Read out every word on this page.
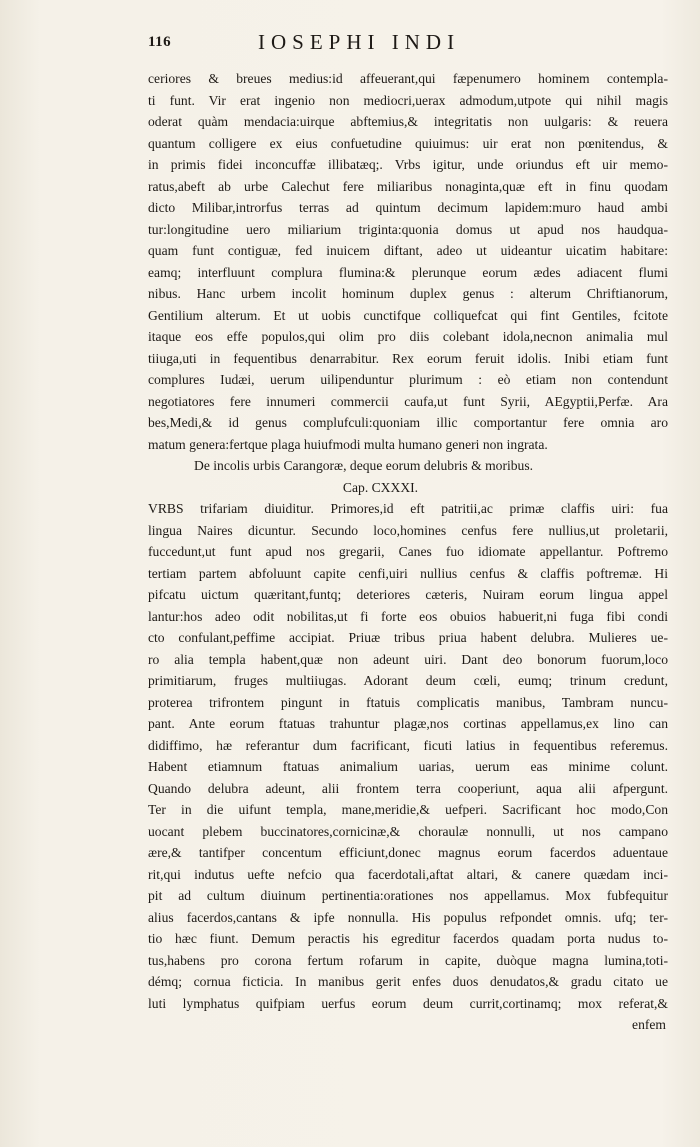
116	IOSEPHI INDI
ceriores & breues medius:id affeuerant,qui fæpenumero hominem contempla-
ti funt. Vir erat ingenio non mediocri,uerax admodum,utpote qui nihil magis
oderat quàm mendacia:uirque abftemius,& integritatis non uulgaris: & reuera
quantum colligere ex eius confuetudine quiuimus: uir erat non pœnitendus, &
in primis fidei inconcuffæ illibatæq;. Vrbs igitur, unde oriundus eft uir memo-
ratus,abeft ab urbe Calechut fere miliaribus nonaginta,quæ eft in finu quodam
dicto Milibar,introrfus terras ad quintum decimum lapidem:muro haud ambi
tur:longitudine uero miliarium triginta:quonia domus ut apud nos haudqua-
quam funt contiguæ, fed inuicem diftant, adeo ut uideantur uicatim habitare:
eamq; interfluunt complura flumina:& plerunque eorum ædes adiacent flumi
nibus. Hanc urbem incolit hominum duplex genus : alterum Chriftianorum,
Gentilium alterum. Et ut uobis cunctifque colliquefcat qui fint Gentiles, fcitote
itaque eos effe populos,qui olim pro diis colebant idola,necnon animalia mul
tiiuga,uti in fequentibus denarrabitur. Rex eorum feruit idolis. Inibi etiam funt
complures Iudæi, uerum uilipenduntur plurimum : eò etiam non contendunt
negotiatores fere innumeri commercii caufa,ut funt Syrii, AEgyptii,Perfæ. Ara
bes,Medi,& id genus complufculi:quoniam illic comportantur fere omnia aro
matum genera:fertque plaga huiufmodi multa humano generi non ingrata.
De incolis urbis Carangoræ, deque eorum delubris & moribus.
Cap. CXXXI.
VRBS trifariam diuiditur. Primores,id eft patritii,ac primæ claffis uiri: fua
lingua Naires dicuntur. Secundo loco,homines cenfus fere nullius,ut proletarii,
fuccedunt,ut funt apud nos gregarii, Canes fuo idiomate appellantur. Poftremo
tertiam partem abfoluunt capite cenfi,uiri nullius cenfus & claffis poftremæ. Hi
pifcatu uictum quæritant,funtq; deteriores cæteris, Nuiram eorum lingua appel
lantur:hos adeo odit nobilitas,ut fi forte eos obuios habuerit,ni fuga fibi condi
cto confulant,peffime accipiat. Priuæ tribus priua habent delubra. Mulieres ue-
ro alia templa habent,quæ non adeunt uiri. Dant deo bonorum fuorum,loco
primitiarum, fruges multiiugas. Adorant deum cœli, eumq; trinum credunt,
proterea trifrontem pingunt in ftatuis complicatis manibus, Tambram nuncu-
pant. Ante eorum ftatuas trahuntur plagæ,nos cortinas appellamus,ex lino can
didiffimo, hæ referantur dum facrificant, ficuti latius in fequentibus referemus.
Habent etiamnum ftatuas animalium uarias, uerum eas minime colunt.
Quando delubra adeunt, alii frontem terra cooperiunt, aqua alii afpergunt.
Ter in die uifunt templa, mane,meridie,& uefperi. Sacrificant hoc modo,Con
uocant plebem buccinatores,cornicinæ,& choraulæ nonnulli, ut nos campano
ære,& tantifper concentum efficiunt,donec magnus eorum facerdos aduentaue
rit,qui indutus uefte nefcio qua facerdotali,aftat altari, & canere quædam inci-
pit ad cultum diuinum pertinentia:orationes nos appellamus. Mox fubfequitur
alius facerdos,cantans & ipfe nonnulla. His populus refpondet omnis. ufq; ter-
tio hæc fiunt. Demum peractis his egreditur facerdos quadam porta nudus to-
tus,habens pro corona fertum rofarum in capite, duòque magna lumina,toti-
démq; cornua ficticia. In manibus gerit enfes duos denudatos,& gradu citato ue
luti lymphatus quifpiam uerfus eorum deum currit,cortinamq; mox referat,&
enfem
